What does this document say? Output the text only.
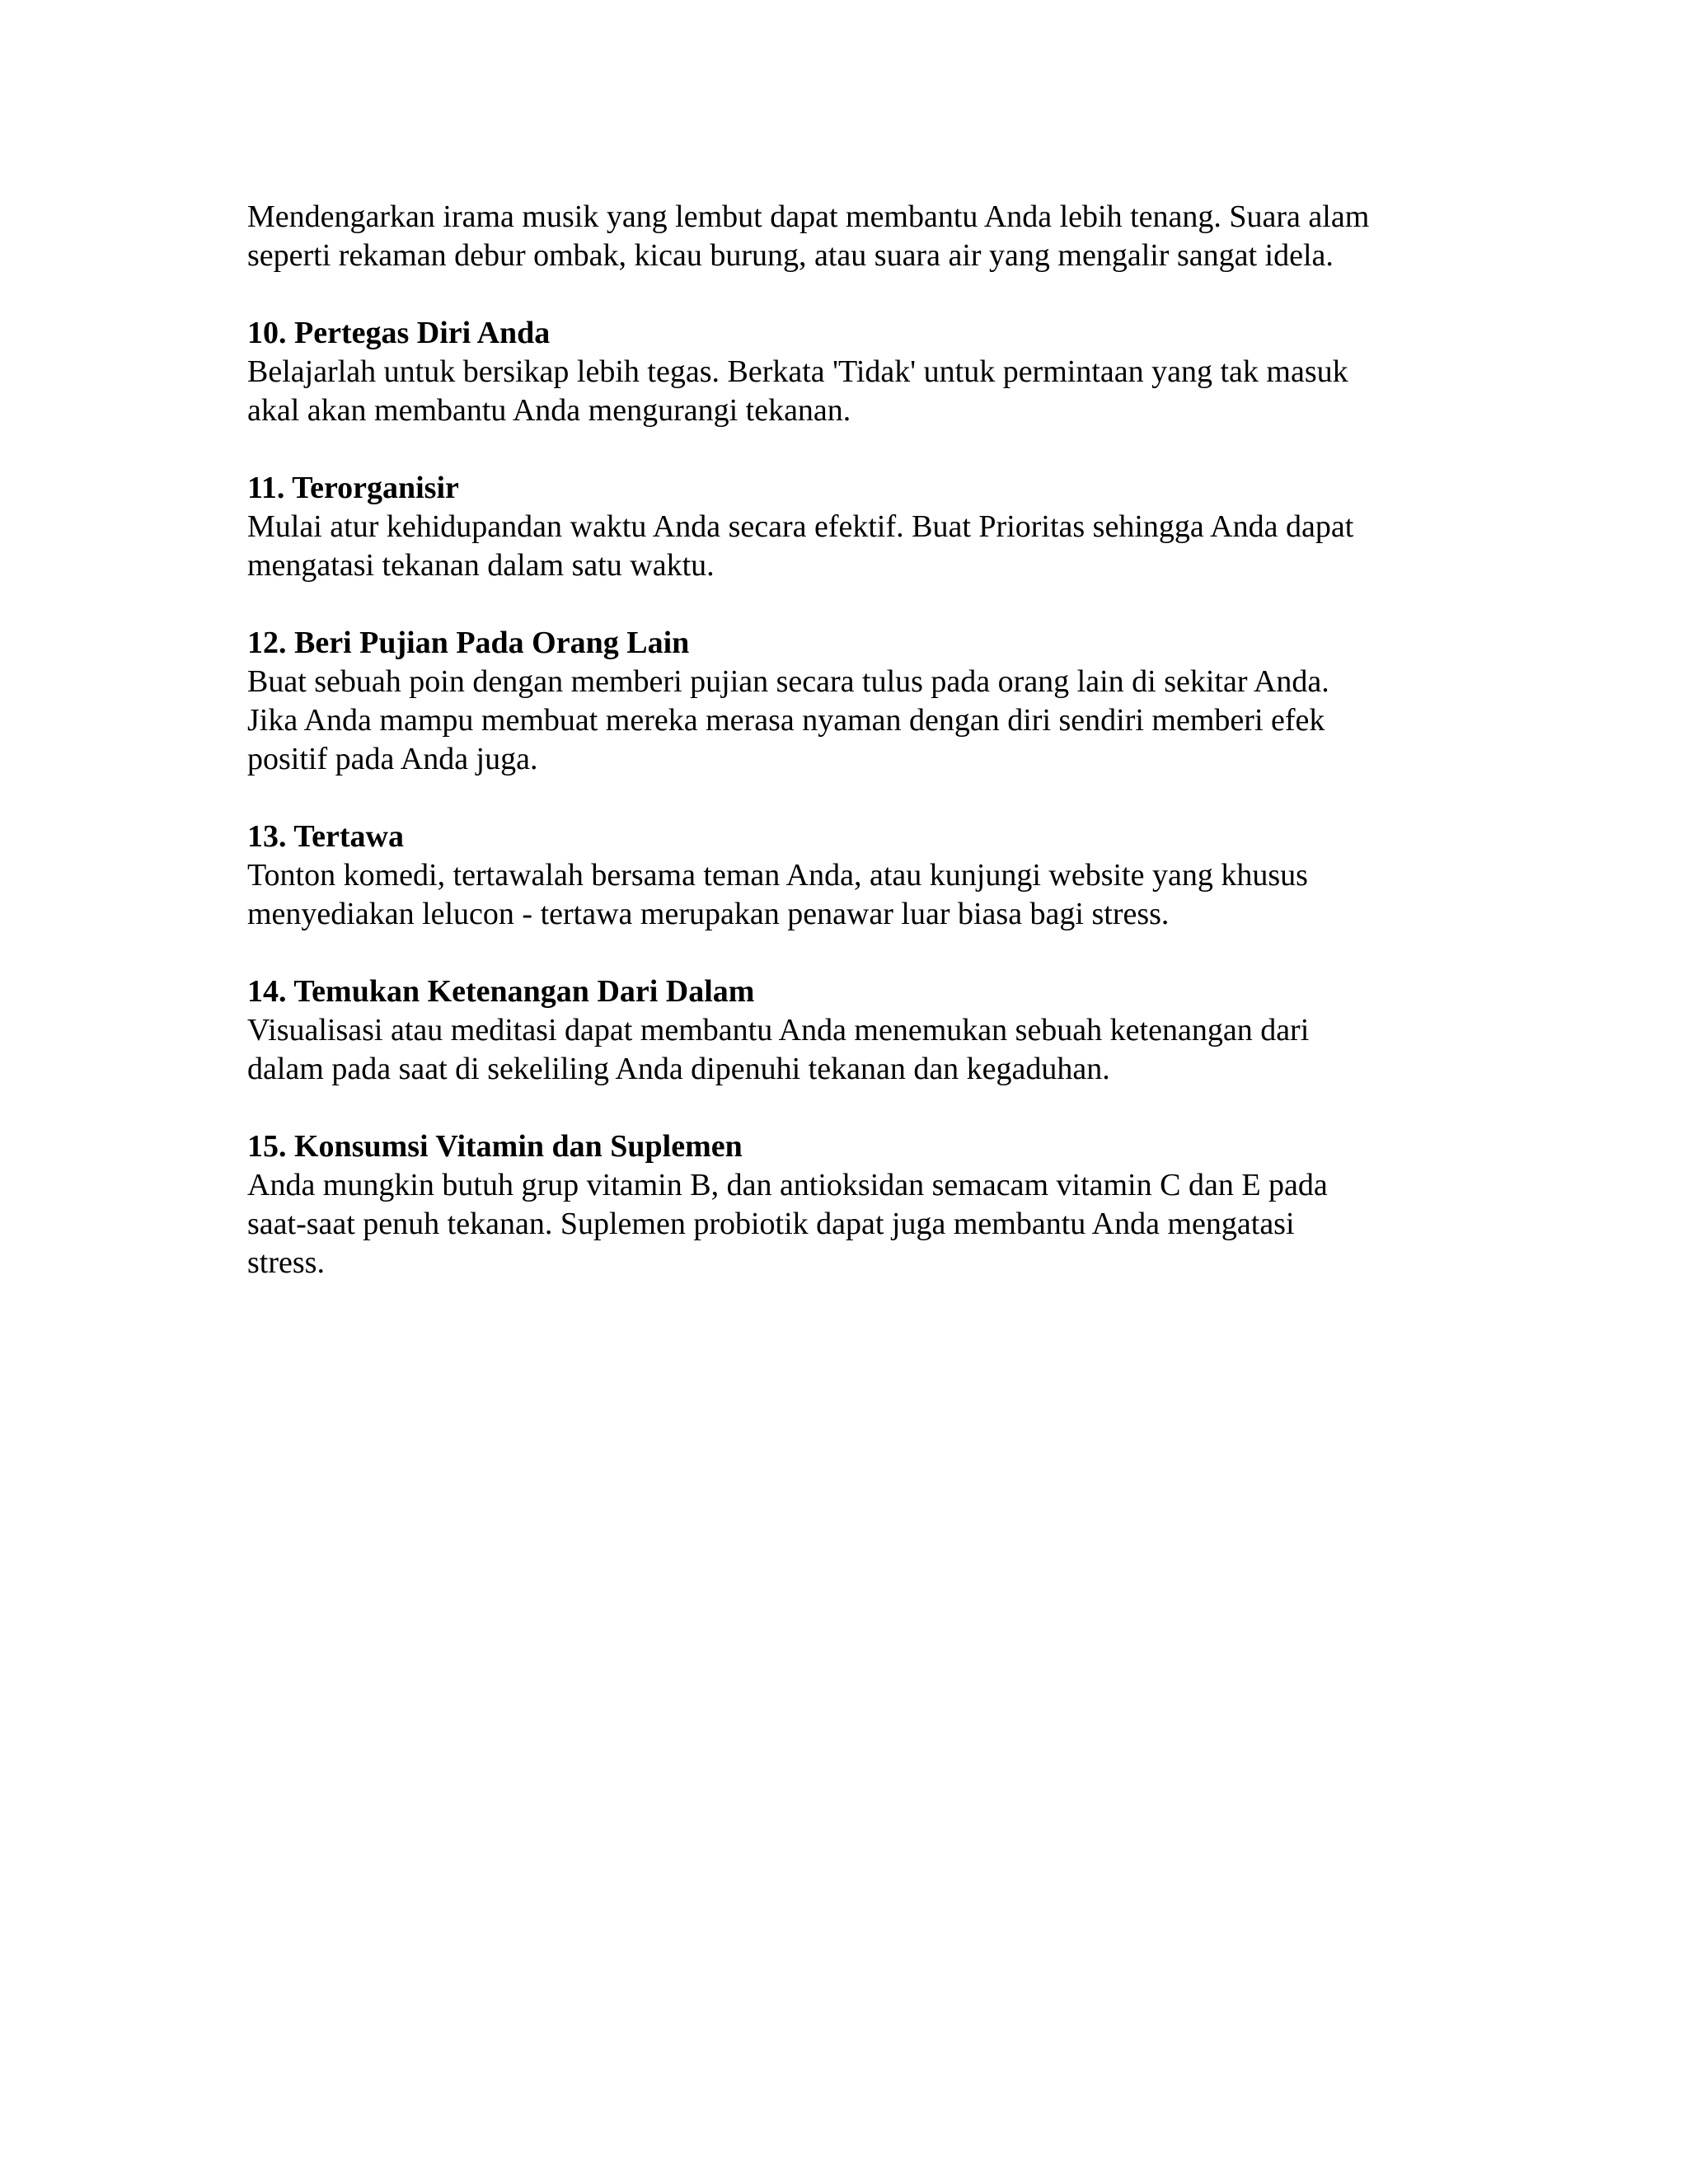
Mendengarkan irama musik yang lembut dapat membantu Anda lebih tenang. Suara alam
seperti rekaman debur ombak, kicau burung, atau suara air yang mengalir sangat idela.
10. Pertegas Diri Anda
Belajarlah untuk bersikap lebih tegas. Berkata 'Tidak' untuk permintaan yang tak masuk
akal akan membantu Anda mengurangi tekanan.
11. Terorganisir
Mulai atur kehidupandan waktu Anda secara efektif. Buat Prioritas sehingga Anda dapat
mengatasi tekanan dalam satu waktu.
12. Beri Pujian Pada Orang Lain
Buat sebuah poin dengan memberi pujian secara tulus pada orang lain di sekitar Anda.
Jika Anda mampu membuat mereka merasa nyaman dengan diri sendiri memberi efek
positif pada Anda juga.
13. Tertawa
Tonton komedi, tertawalah bersama teman Anda, atau kunjungi website yang khusus
menyediakan lelucon - tertawa merupakan penawar luar biasa bagi stress.
14. Temukan Ketenangan Dari Dalam
Visualisasi atau meditasi dapat membantu Anda menemukan sebuah ketenangan dari
dalam pada saat di sekeliling Anda dipenuhi tekanan dan kegaduhan.
15. Konsumsi Vitamin dan Suplemen
Anda mungkin butuh grup vitamin B, dan antioksidan semacam vitamin C dan E pada
saat-saat penuh tekanan. Suplemen probiotik dapat juga membantu Anda mengatasi
stress.
